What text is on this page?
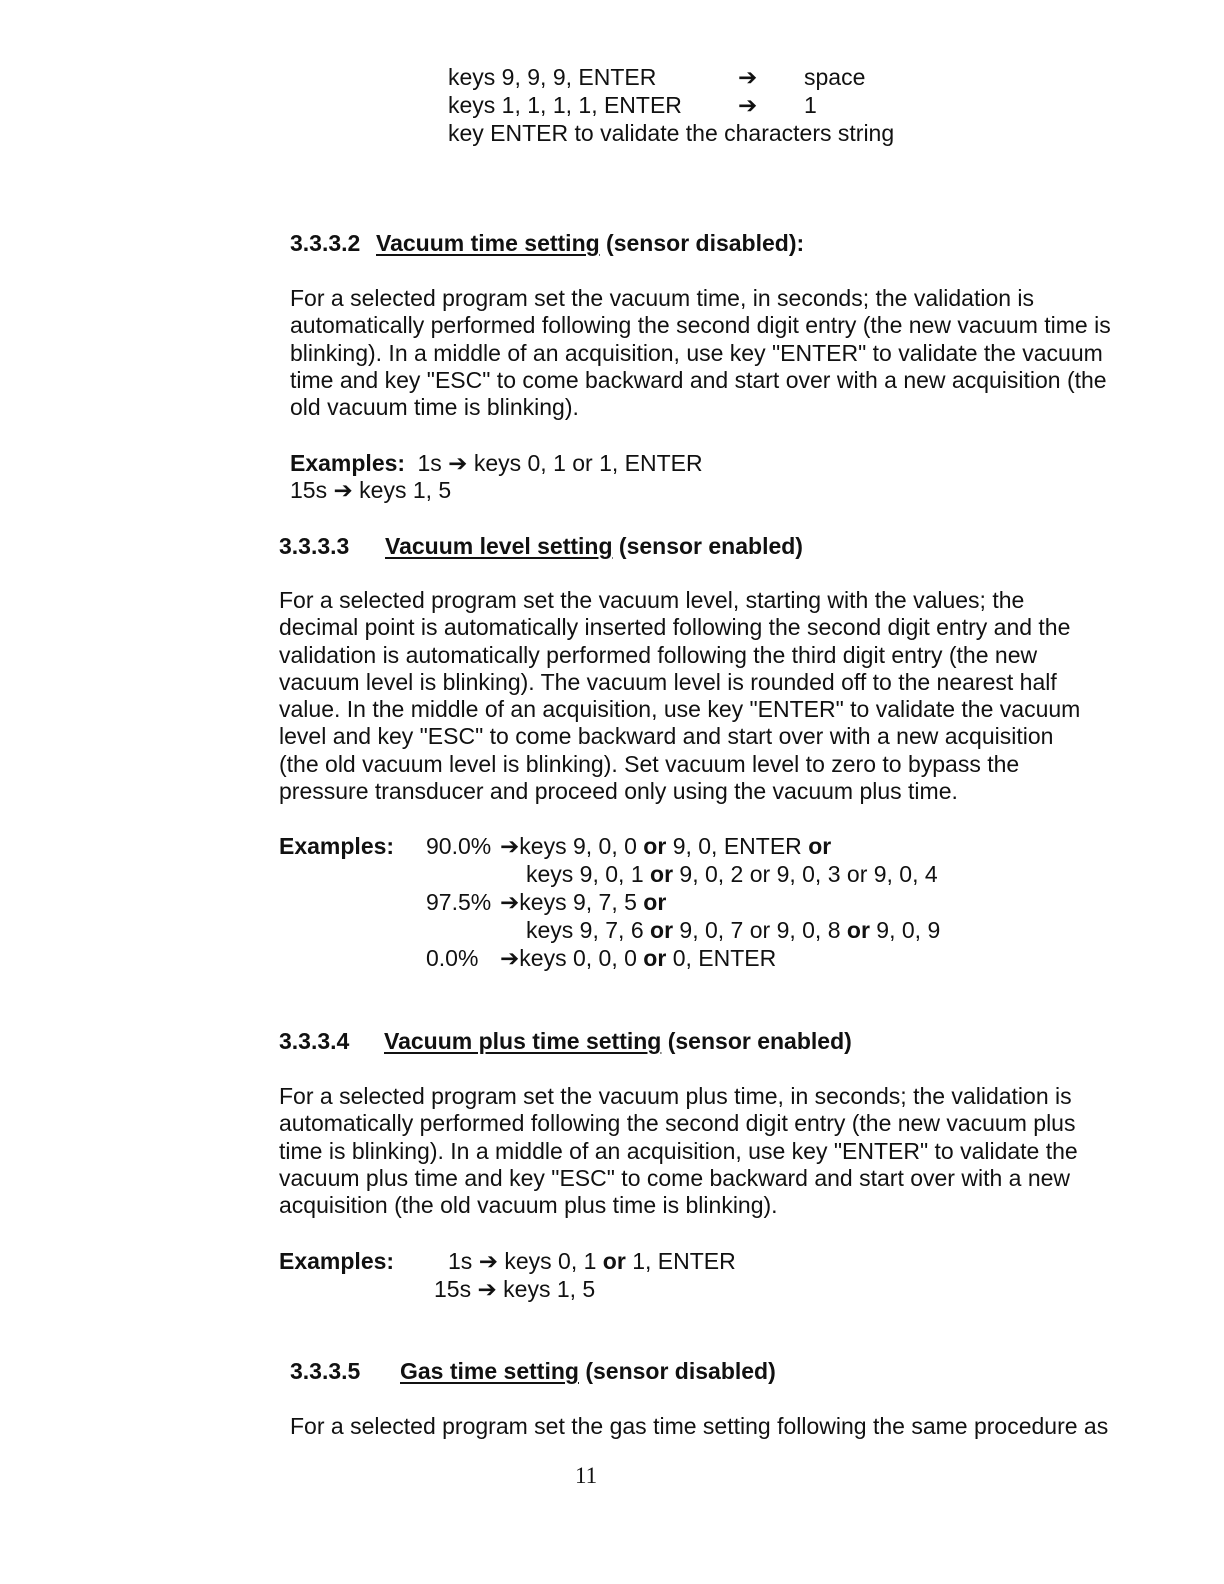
keys 9, 9, 9, ENTER	➔ space
keys 1, 1, 1, 1, ENTER ➔ 1
key ENTER to validate the characters string
3.3.3.2 Vacuum time setting (sensor disabled):
For a selected program set the vacuum time, in seconds; the validation is
automatically performed following the second digit entry (the new vacuum time is
blinking). In a middle of an acquisition, use key "ENTER" to validate the vacuum
time and key "ESC" to come backward and start over with a new acquisition (the
old vacuum time is blinking).
Examples: 1s ➔ keys 0, 1 or 1, ENTER
15s ➔ keys 1, 5
3.3.3.3 Vacuum level setting (sensor enabled)
For a selected program set the vacuum level, starting with the values; the
decimal point is automatically inserted following the second digit entry and the
validation is automatically performed following the third digit entry (the new
vacuum level is blinking). The vacuum level is rounded off to the nearest half
value. In the middle of an acquisition, use key "ENTER" to validate the vacuum
level and key "ESC" to come backward and start over with a new acquisition
(the old vacuum level is blinking). Set vacuum level to zero to bypass the
pressure transducer and proceed only using the vacuum plus time.
Examples: 90.0% ➔keys 9, 0, 0 or 9, 0, ENTER or
keys 9, 0, 1 or 9, 0, 2 or 9, 0, 3 or 9, 0, 4
97.5% ➔keys 9, 7, 5 or
keys 9, 7, 6 or 9, 0, 7 or 9, 0, 8 or 9, 0, 9
0.0% ➔keys 0, 0, 0 or 0, ENTER
3.3.3.4 Vacuum plus time setting (sensor enabled)
For a selected program set the vacuum plus time, in seconds; the validation is
automatically performed following the second digit entry (the new vacuum plus
time is blinking). In a middle of an acquisition, use key "ENTER" to validate the
vacuum plus time and key "ESC" to come backward and start over with a new
acquisition (the old vacuum plus time is blinking).
Examples: 1s ➔ keys 0, 1 or 1, ENTER
15s ➔ keys 1, 5
3.3.3.5 Gas time setting (sensor disabled)
For a selected program set the gas time setting following the same procedure as
11
